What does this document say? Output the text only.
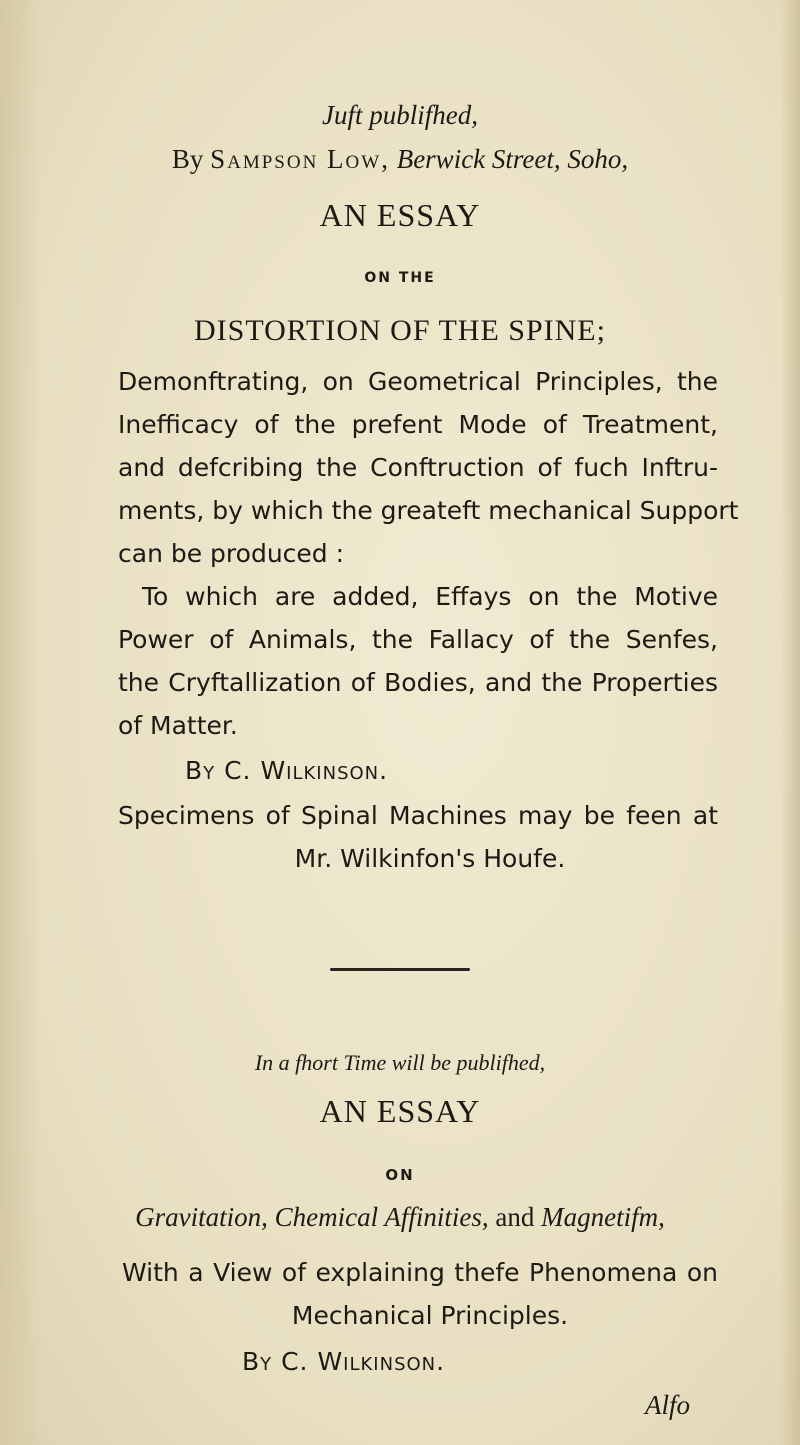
Juft publifhed,
By Sampson Low, Berwick Street, Soho,
AN ESSAY
ON THE
DISTORTION OF THE SPINE;
Demonftrating, on Geometrical Principles, the
Inefficacy of the prefent Mode of Treatment,
and defcribing the Conftruction of fuch Inftru-
ments, by which the greateft mechanical Support
can be produced :
To which are added, Effays on the Motive
Power of Animals, the Fallacy of the Senfes,
the Cryftallization of Bodies, and the Properties
of Matter.
By C. Wilkinson.
Specimens of Spinal Machines may be feen at
Mr. Wilkinfon's Houfe.
In a fhort Time will be publifhed,
AN ESSAY
ON
Gravitation, Chemical Affinities, and Magnetifm,
With a View of explaining thefe Phenomena on
Mechanical Principles.
By C. Wilkinson.
Alfo
